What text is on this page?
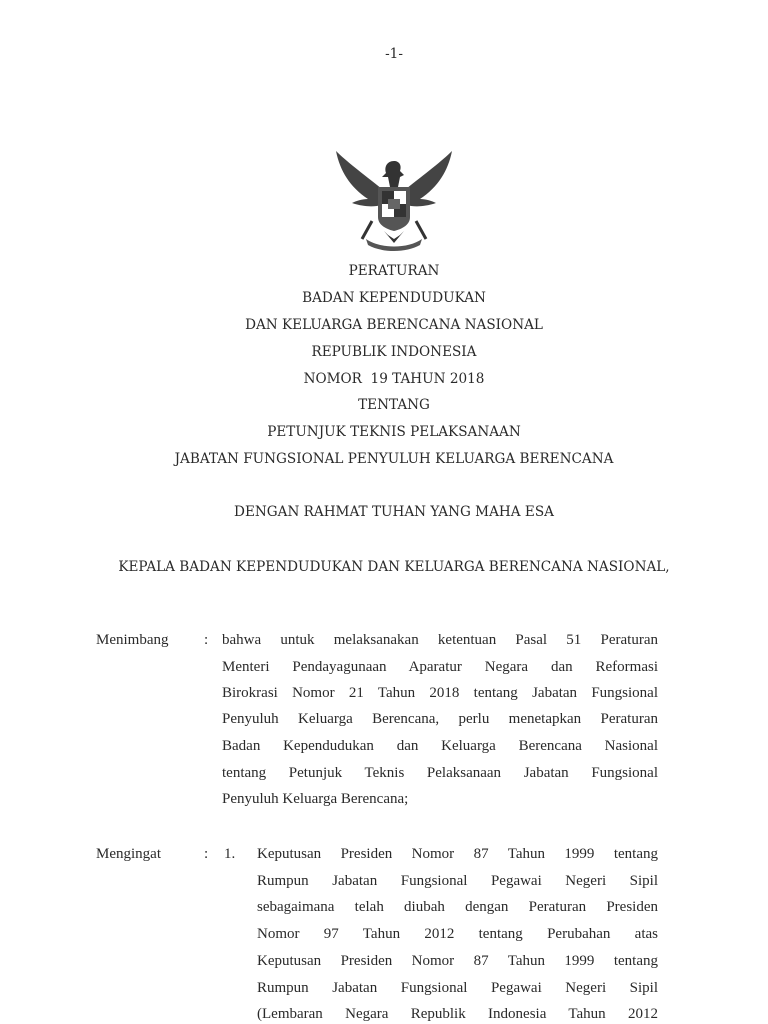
-1-
PERATURAN
BADAN KEPENDUDUKAN
DAN KELUARGA BERENCANA NASIONAL
REPUBLIK INDONESIA
NOMOR  19 TAHUN 2018
TENTANG
PETUNJUK TEKNIS PELAKSANAAN
JABATAN FUNGSIONAL PENYULUH KELUARGA BERENCANA
DENGAN RAHMAT TUHAN YANG MAHA ESA
KEPALA BADAN KEPENDUDUKAN DAN KELUARGA BERENCANA NASIONAL,
Menimbang : bahwa untuk melaksanakan ketentuan Pasal 51 Peraturan
Menteri Pendayagunaan Aparatur Negara dan Reformasi
Birokrasi Nomor 21 Tahun 2018 tentang Jabatan Fungsional
Penyuluh Keluarga Berencana, perlu menetapkan Peraturan
Badan Kependudukan dan Keluarga Berencana Nasional
tentang Petunjuk Teknis Pelaksanaan Jabatan Fungsional
Penyuluh Keluarga Berencana;
Mengingat	: 1. Keputusan Presiden Nomor 87 Tahun 1999 tentang
Rumpun Jabatan Fungsional Pegawai Negeri Sipil
sebagaimana telah diubah dengan Peraturan Presiden
Nomor 97 Tahun 2012 tentang Perubahan atas
Keputusan Presiden Nomor 87 Tahun 1999 tentang
Rumpun Jabatan Fungsional Pegawai Negeri Sipil
(Lembaran Negara Republik Indonesia Tahun 2012
